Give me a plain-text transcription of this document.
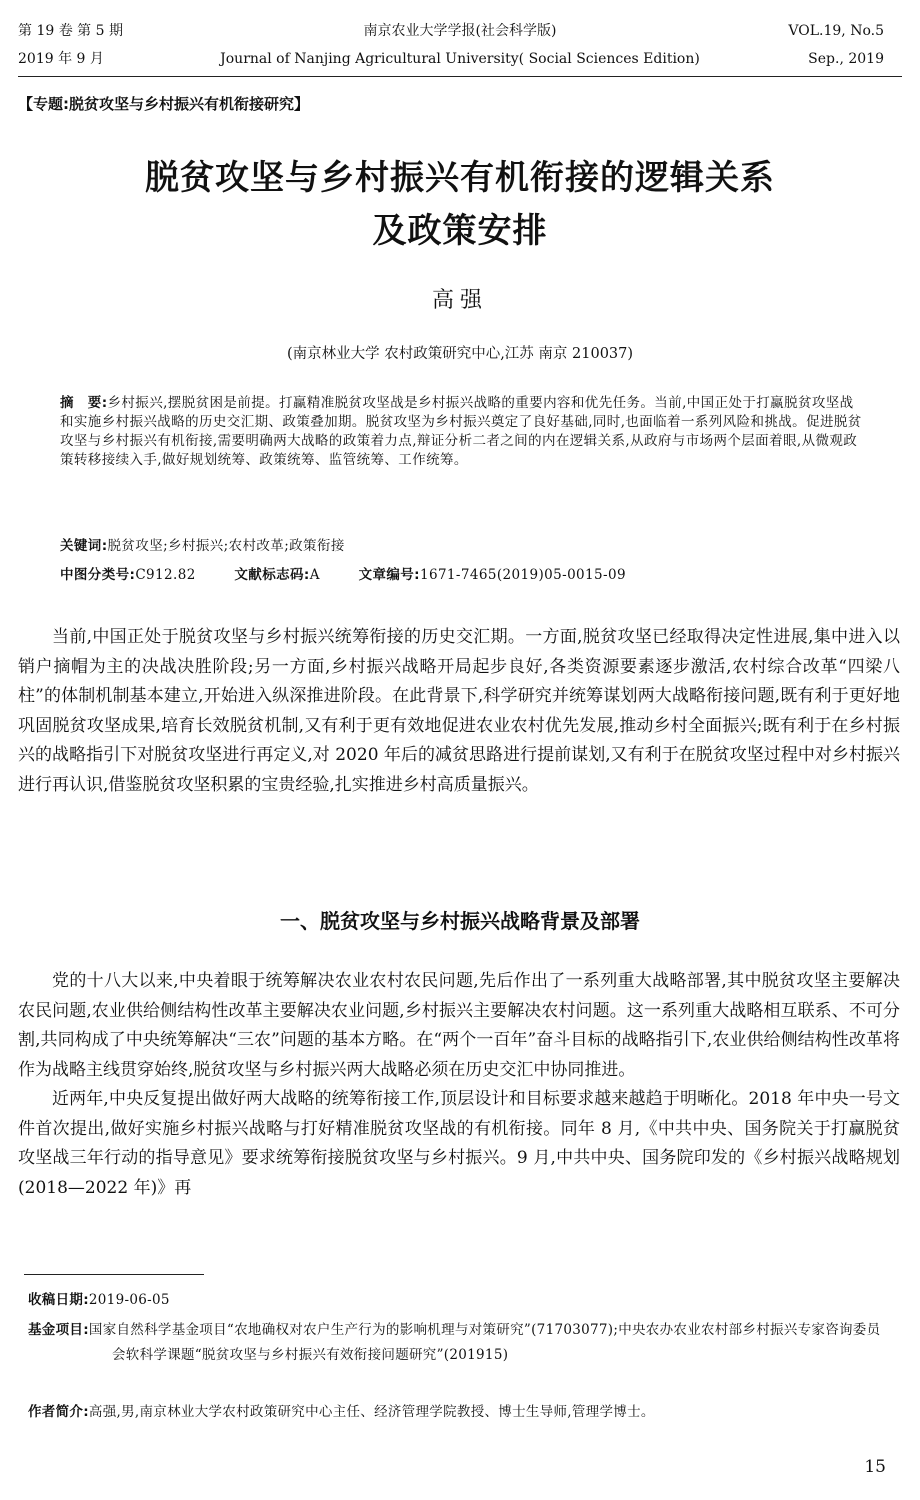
第 19 卷 第 5 期	南京农业大学学报(社会科学版)	VOL.19, No.5
2019 年 9 月	Journal of Nanjing Agricultural University( Social Sciences Edition)	Sep., 2019
【专题:脱贫攻坚与乡村振兴有机衔接研究】
脱贫攻坚与乡村振兴有机衔接的逻辑关系
及政策安排
高强
(南京林业大学 农村政策研究中心,江苏 南京 210037)
摘　要:乡村振兴,摆脱贫困是前提。打赢精准脱贫攻坚战是乡村振兴战略的重要内容和优先任务。当前,中国正处于打赢脱贫攻坚战和实施乡村振兴战略的历史交汇期、政策叠加期。脱贫攻坚为乡村振兴奠定了良好基础,同时,也面临着一系列风险和挑战。促进脱贫攻坚与乡村振兴有机衔接,需要明确两大战略的政策着力点,辩证分析二者之间的内在逻辑关系,从政府与市场两个层面着眼,从微观政策转移接续入手,做好规划统筹、政策统筹、监管统筹、工作统筹。
关键词:脱贫攻坚;乡村振兴;农村改革;政策衔接
中图分类号:C912.82	文献标志码:A	文章编号:1671-7465(2019)05-0015-09

当前,中国正处于脱贫攻坚与乡村振兴统筹衔接的历史交汇期。一方面,脱贫攻坚已经取得决定性进展,集中进入以销户摘帽为主的决战决胜阶段;另一方面,乡村振兴战略开局起步良好,各类资源要素逐步激活,农村综合改革“四梁八柱”的体制机制基本建立,开始进入纵深推进阶段。在此背景下,科学研究并统筹谋划两大战略衔接问题,既有利于更好地巩固脱贫攻坚成果,培育长效脱贫机制,又有利于更有效地促进农业农村优先发展,推动乡村全面振兴;既有利于在乡村振兴的战略指引下对脱贫攻坚进行再定义,对 2020 年后的减贫思路进行提前谋划,又有利于在脱贫攻坚过程中对乡村振兴进行再认识,借鉴脱贫攻坚积累的宝贵经验,扎实推进乡村高质量振兴。

一、脱贫攻坚与乡村振兴战略背景及部署

党的十八大以来,中央着眼于统筹解决农业农村农民问题,先后作出了一系列重大战略部署,其中脱贫攻坚主要解决农民问题,农业供给侧结构性改革主要解决农业问题,乡村振兴主要解决农村问题。这一系列重大战略相互联系、不可分割,共同构成了中央统筹解决“三农”问题的基本方略。在“两个一百年”奋斗目标的战略指引下,农业供给侧结构性改革将作为战略主线贯穿始终,脱贫攻坚与乡村振兴两大战略必须在历史交汇中协同推进。

近两年,中央反复提出做好两大战略的统筹衔接工作,顶层设计和目标要求越来越趋于明晰化。2018 年中央一号文件首次提出,做好实施乡村振兴战略与打好精准脱贫攻坚战的有机衔接。同年 8 月,《中共中央、国务院关于打赢脱贫攻坚战三年行动的指导意见》要求统筹衔接脱贫攻坚与乡村振兴。9 月,中共中央、国务院印发的《乡村振兴战略规划(2018—2022 年)》再

收稿日期:2019-06-05
基金项目:国家自然科学基金项目“农地确权对农户生产行为的影响机理与对策研究”(71703077);中央农办农业农村部乡村振兴专家咨询委员会软科学课题“脱贫攻坚与乡村振兴有效衔接问题研究”(201915)
作者简介:高强,男,南京林业大学农村政策研究中心主任、经济管理学院教授、博士生导师,管理学博士。
15
